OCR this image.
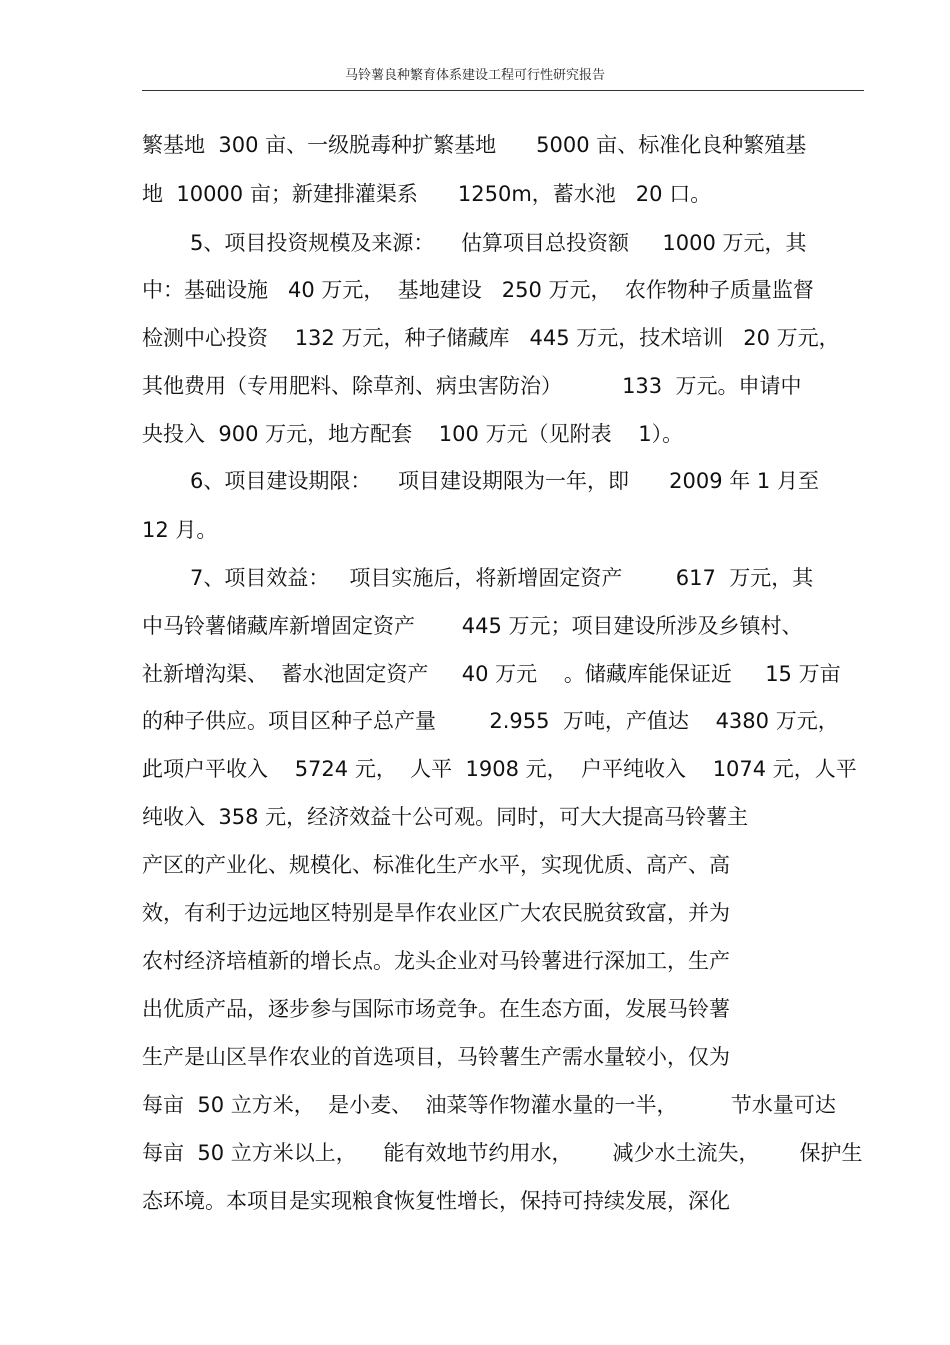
马铃薯良种繁育体系建设工程可行性研究报告
繁基地  300 亩、一级脱毒种扩繁基地      5000 亩、标准化良种繁殖基
地  10000 亩；新建排灌渠系      1250m，蓄水池   20 口。
5、项目投资规模及来源：    估算项目总投资额     1000 万元，其
中：基础设施   40 万元，  基地建设   250 万元，  农作物种子质量监督
检测中心投资    132 万元，种子储藏库   445 万元，技术培训   20 万元，
其他费用（专用肥料、除草剂、病虫害防治）         133  万元。申请中
央投入  900 万元，地方配套    100 万元（见附表    1）。
6、项目建设期限：    项目建设期限为一年，即      2009 年 1 月至
12 月。
7、项目效益：   项目实施后，将新增固定资产        617  万元，其
中马铃薯储藏库新增固定资产       445 万元；项目建设所涉及乡镇村、
社新增沟渠、  蓄水池固定资产     40 万元    。储藏库能保证近     15 万亩
的种子供应。项目区种子总产量        2.955  万吨，产值达    4380 万元，
此项户平收入    5724 元，  人平  1908 元，  户平纯收入    1074 元，人平
纯收入  358 元，经济效益十公可观。同时，可大大提高马铃薯主
产区的产业化、规模化、标准化生产水平，实现优质、高产、高
效，有利于边远地区特别是旱作农业区广大农民脱贫致富，并为
农村经济培植新的增长点。龙头企业对马铃薯进行深加工，生产
出优质产品，逐步参与国际市场竞争。在生态方面，发展马铃薯
生产是山区旱作农业的首选项目，马铃薯生产需水量较小，仅为
每亩  50 立方米，  是小麦、  油菜等作物灌水量的一半，        节水量可达
每亩  50 立方米以上，    能有效地节约用水，      减少水土流失，      保护生
态环境。本项目是实现粮食恢复性增长，保持可持续发展，深化
